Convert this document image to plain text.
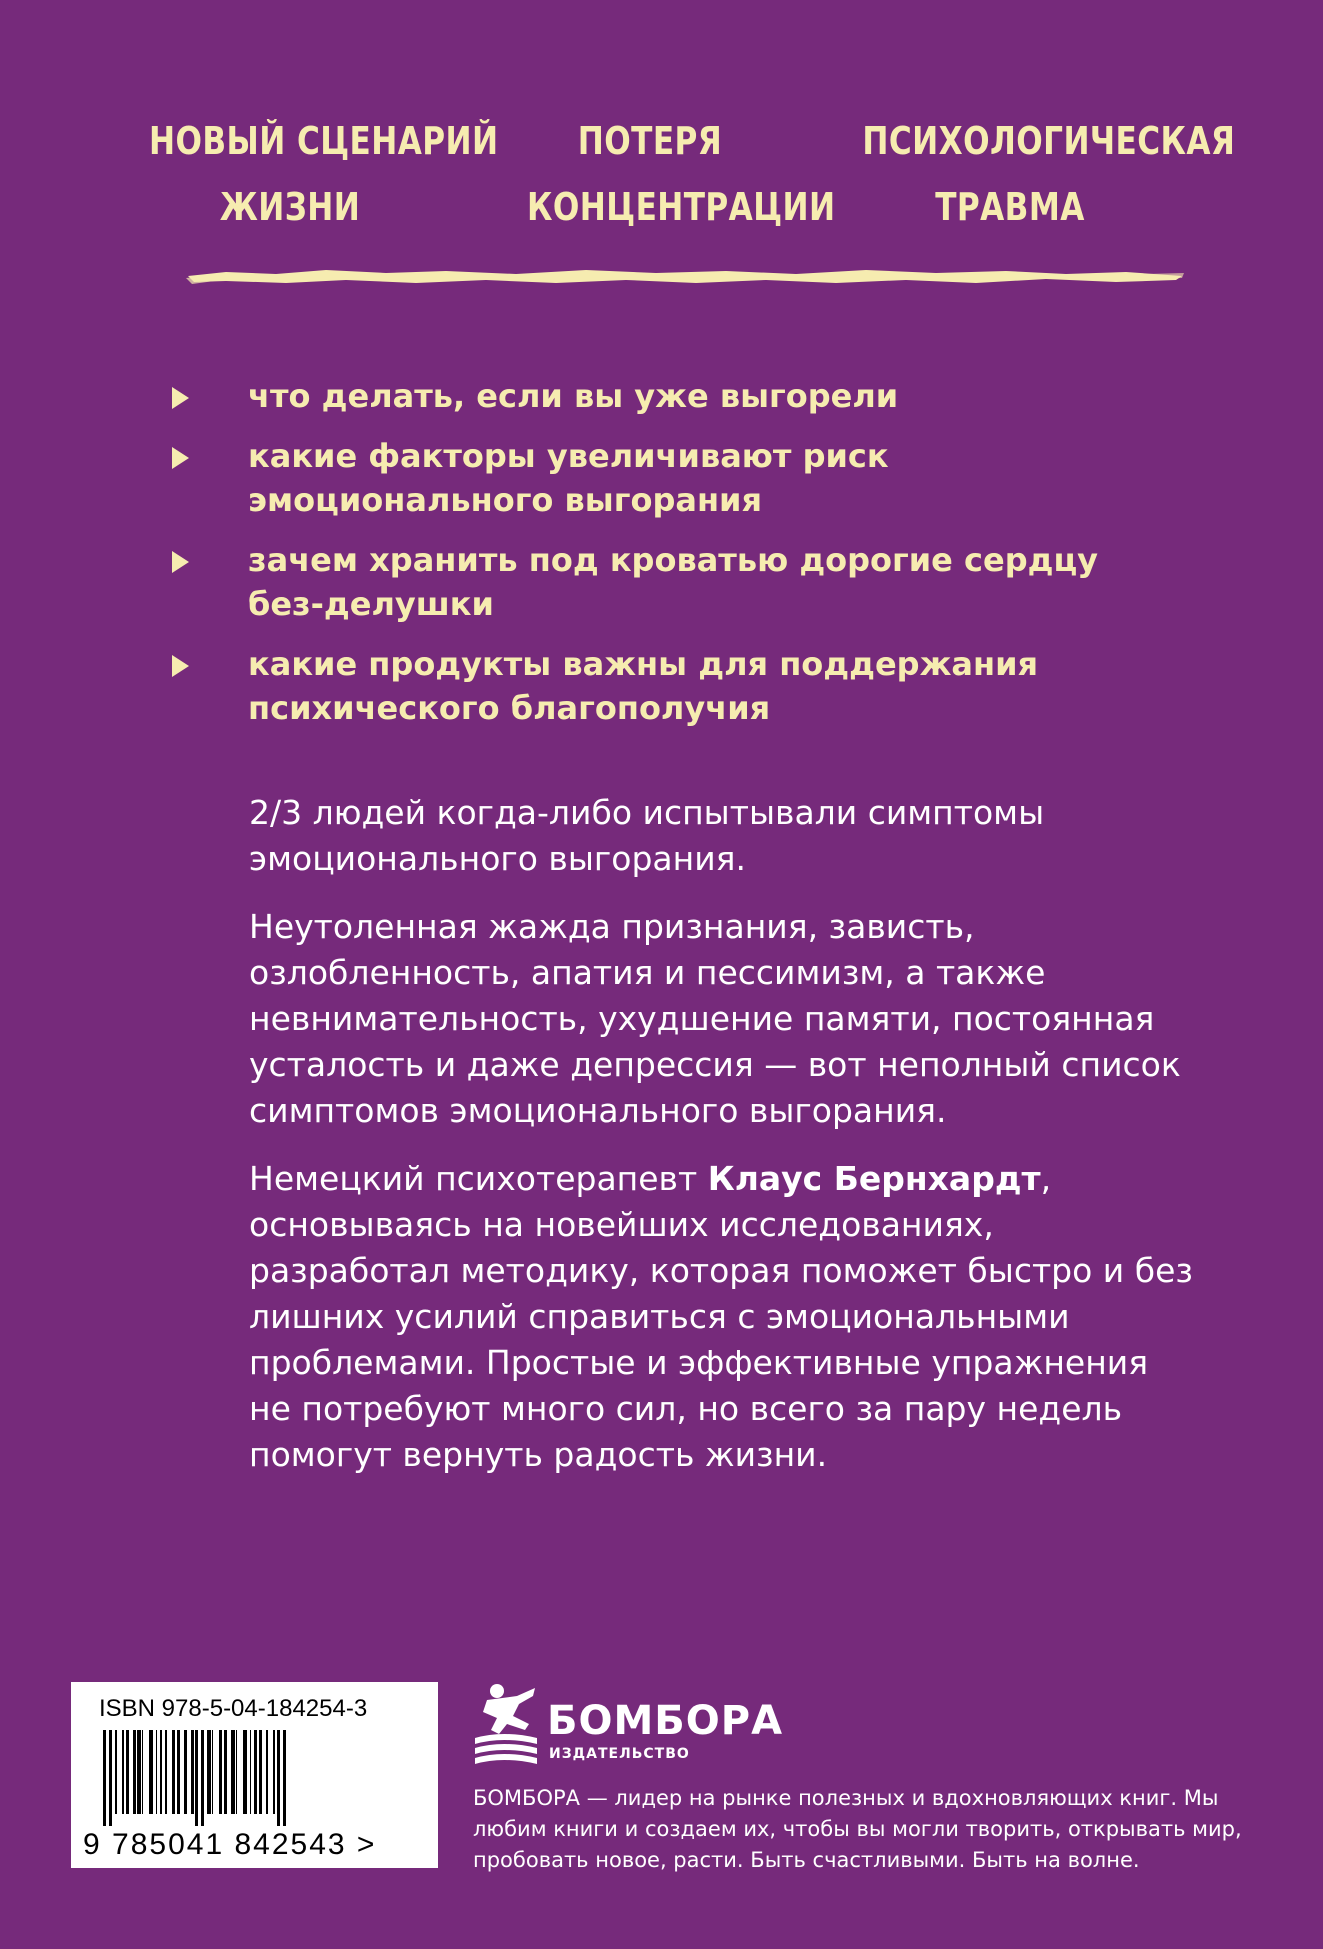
НОВЫЙ СЦЕНАРИЙ
ЖИЗНИ
ПОТЕРЯ
КОНЦЕНТРАЦИИ
ПСИХОЛОГИЧЕСКАЯ
ТРАВМА
что делать, если вы уже выгорели
какие факторы увеличивают риск эмоционального выгорания
зачем хранить под кроватью дорогие сердцу без-делушки
какие продукты важны для поддержания психического благополучия

2/3 людей когда-либо испытывали симптомы эмоционального выгорания.

Неутоленная жажда признания, зависть, озлобленность, апатия и пессимизм, а также невнимательность, ухудшение памяти, постоянная усталость и даже депрессия — вот неполный список симптомов эмоционального выгорания.

Немецкий психотерапевт Клаус Бернхардт, основываясь на новейших исследованиях, разработал методику, которая поможет быстро и без лишних усилий справиться с эмоциональными проблемами. Простые и эффективные упражнения не потребуют много сил, но всего за пару недель помогут вернуть радость жизни.

ISBN 978-5-04-184254-3
9 785041 842543 >
БОМБОРА
ИЗДАТЕЛЬСТВО
БОМБОРА — лидер на рынке полезных и вдохновляющих книг. Мы любим книги и создаем их, чтобы вы могли творить, открывать мир, пробовать новое, расти. Быть счастливыми. Быть на волне.
